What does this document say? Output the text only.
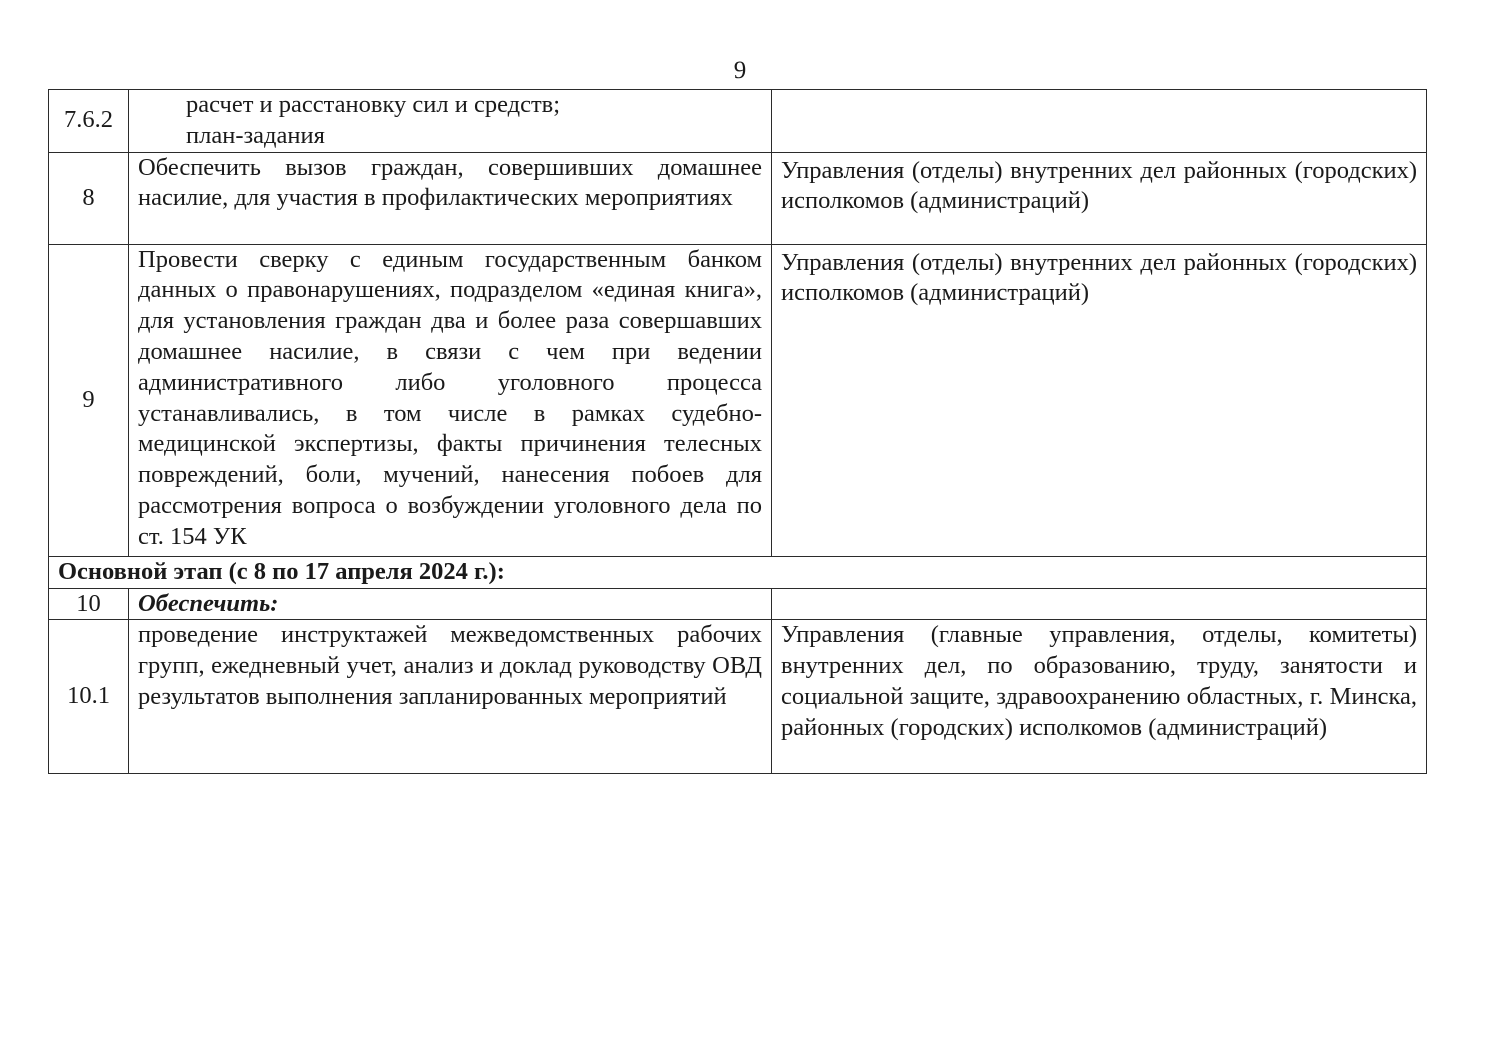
9
7.6.2	расчет и расстановку сил и средств;
план-задания	

8	Обеспечить вызов граждан, совершивших домашнее насилие, для участия в профилактических мероприятиях	Управления (отделы) внутренних дел районных (городских) исполкомов (администраций)
9	Провести сверку с единым государственным банком данных о правонарушениях, подразделом «единая книга», для установления граждан два и более раза совершавших домашнее насилие, в связи с чем при ведении административного либо уголовного процесса устанавливались, в том числе в рамках судебно-медицинской экспертизы, факты причинения телесных повреждений, боли, мучений, нанесения побоев для рассмотрения вопроса о возбуждении уголовного дела по ст. 154 УК	Управления (отделы) внутренних дел районных (городских) исполкомов (администраций)
Основной этап (с 8 по 17 апреля 2024 г.):		
10	Обеспечить:	
10.1	проведение инструктажей межведомственных рабочих групп, ежедневный учет, анализ и доклад руководству ОВД результатов выполнения запланированных мероприятий	Управления (главные управления, отделы, комитеты) внутренних дел, по образованию, труду, занятости и социальной защите, здравоохранению областных, г. Минска, районных (городских) исполкомов (администраций)
